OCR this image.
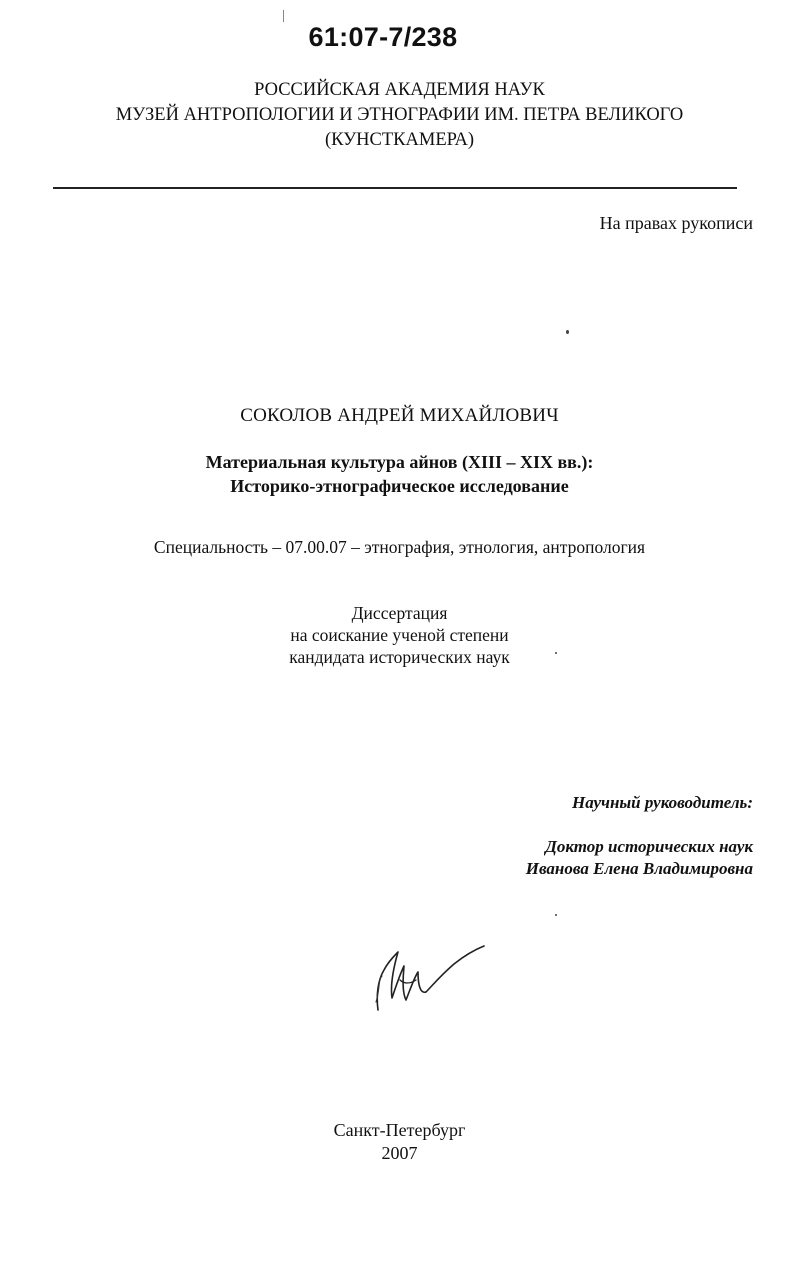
61:07-7/238
РОССИЙСКАЯ АКАДЕМИЯ НАУК
МУЗЕЙ АНТРОПОЛОГИИ И ЭТНОГРАФИИ ИМ. ПЕТРА ВЕЛИКОГО
(КУНСТКАМЕРА)
На правах рукописи
СОКОЛОВ АНДРЕЙ МИХАЙЛОВИЧ
Материальная культура айнов (XIII – XIX вв.):
Историко-этнографическое исследование
Специальность – 07.00.07 – этнография, этнология, антропология
Диссертация
на соискание ученой степени
кандидата исторических наук
Научный руководитель:
Доктор исторических наук
Иванова Елена Владимировна
Санкт-Петербург
2007
